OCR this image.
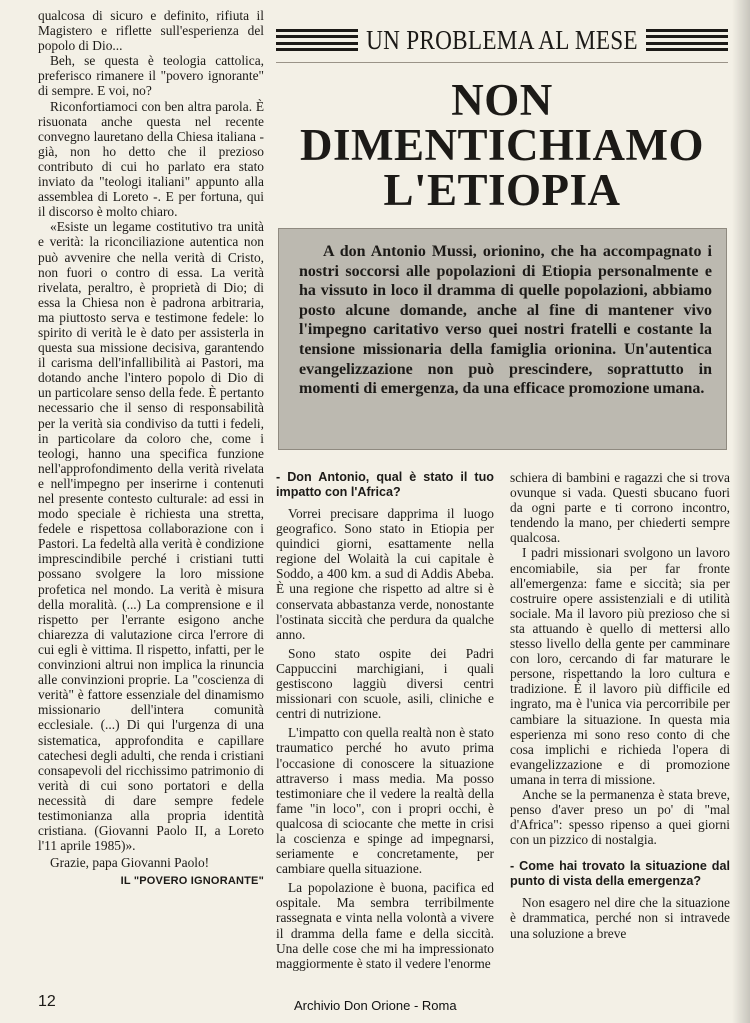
qualcosa di sicuro e definito, rifiuta il Magistero e riflette sull'esperienza del popolo di Dio...

Beh, se questa è teologia cattolica, preferisco rimanere il "povero ignorante" di sempre. E voi, no?

Riconfortiamoci con ben altra parola. È risuonata anche questa nel recente convegno lauretano della Chiesa italiana - già, non ho detto che il prezioso contributo di cui ho parlato era stato inviato da "teologi italiani" appunto alla assemblea di Loreto -. E per fortuna, qui il discorso è molto chiaro.

«Esiste un legame costitutivo tra unità e verità: la riconciliazione autentica non può avvenire che nella verità di Cristo, non fuori o contro di essa. La verità rivelata, peraltro, è proprietà di Dio; di essa la Chiesa non è padrona arbitraria, ma piuttosto serva e testimone fedele: lo spirito di verità le è dato per assisterla in questa sua missione decisiva, garantendo il carisma dell'infallibilità ai Pastori, ma dotando anche l'intero popolo di Dio di un particolare senso della fede. È pertanto necessario che il senso di responsabilità per la verità sia condiviso da tutti i fedeli, in particolare da coloro che, come i teologi, hanno una specifica funzione nell'approfondimento della verità rivelata e nell'impegno per inserirne i contenuti nel presente contesto culturale: ad essi in modo speciale è richiesta una stretta, fedele e rispettosa collaborazione con i Pastori. La fedeltà alla verità è condizione imprescindibile perché i cristiani tutti possano svolgere la loro missione profetica nel mondo. La verità è misura della moralità. (...) La comprensione e il rispetto per l'errante esigono anche chiarezza di valutazione circa l'errore di cui egli è vittima. Il rispetto, infatti, per le convinzioni altrui non implica la rinuncia alle convinzioni proprie. La "coscienza di verità" è fattore essenziale del dinamismo missionario dell'intera comunità ecclesiale. (...) Di qui l'urgenza di una sistematica, approfondita e capillare catechesi degli adulti, che renda i cristiani consapevoli del ricchissimo patrimonio di verità di cui sono portatori e della necessità di dare sempre fedele testimonianza alla propria identità cristiana. (Giovanni Paolo II, a Loreto l'11 aprile 1985)».

Grazie, papa Giovanni Paolo!

IL "POVERO IGNORANTE"

UN PROBLEMA AL MESE
NON
DIMENTICHIAMO
L'ETIOPIA

A don Antonio Mussi, orionino, che ha accompagnato i nostri soccorsi alle popolazioni di Etiopia personalmente e ha vissuto in loco il dramma di quelle popolazioni, abbiamo posto alcune domande, anche al fine di mantener vivo l'impegno caritativo verso quei nostri fratelli e costante la tensione missionaria della famiglia orionina. Un'autentica evangelizzazione non può prescindere, soprattutto in momenti di emergenza, da una efficace promozione umana.

- Don Antonio, qual è stato il tuo impatto con l'Africa?

Vorrei precisare dapprima il luogo geografico. Sono stato in Etiopia per quindici giorni, esattamente nella regione del Wolaità la cui capitale è Soddo, a 400 km. a sud di Addis Abeba. È una regione che rispetto ad altre si è conservata abbastanza verde, nonostante l'ostinata siccità che perdura da qualche anno.

Sono stato ospite dei Padri Cappuccini marchigiani, i quali gestiscono laggiù diversi centri missionari con scuole, asili, cliniche e centri di nutrizione.

L'impatto con quella realtà non è stato traumatico perché ho avuto prima l'occasione di conoscere la situazione attraverso i mass media. Ma posso testimoniare che il vedere la realtà della fame "in loco", con i propri occhi, è qualcosa di sciocante che mette in crisi la coscienza e spinge ad impegnarsi, seriamente e concretamente, per cambiare quella situazione.

La popolazione è buona, pacifica ed ospitale. Ma sembra terribilmente rassegnata e vinta nella volontà a vivere il dramma della fame e della siccità. Una delle cose che mi ha impressionato maggiormente è stato il vedere l'enorme

schiera di bambini e ragazzi che si trova ovunque si vada. Questi sbucano fuori da ogni parte e ti corrono incontro, tendendo la mano, per chiederti sempre qualcosa.

I padri missionari svolgono un lavoro encomiabile, sia per far fronte all'emergenza: fame e siccità; sia per costruire opere assistenziali e di utilità sociale. Ma il lavoro più prezioso che si sta attuando è quello di mettersi allo stesso livello della gente per camminare con loro, cercando di far maturare le persone, rispettando la loro cultura e tradizione. È il lavoro più difficile ed ingrato, ma è l'unica via percorribile per cambiare la situazione. In questa mia esperienza mi sono reso conto di che cosa implichi e richieda l'opera di evangelizzazione e di promozione umana in terra di missione.

Anche se la permanenza è stata breve, penso d'aver preso un po' di "mal d'Africa": spesso ripenso a quei giorni con un pizzico di nostalgia.

- Come hai trovato la situazione dal punto di vista della emergenza?

Non esagero nel dire che la situazione è drammatica, perché non si intravede una soluzione a breve

12	Archivio Don Orione - Roma
